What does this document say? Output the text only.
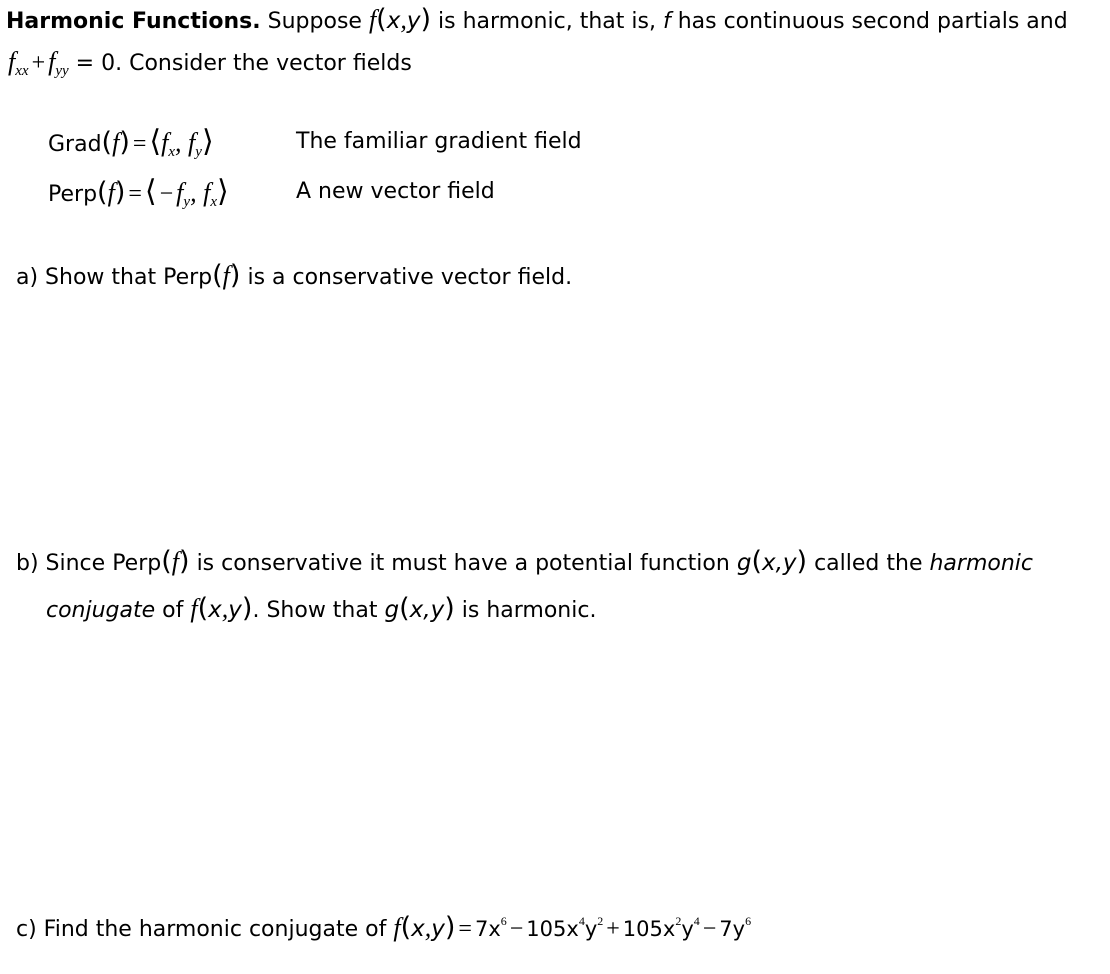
Harmonic Functions. Suppose f(x,y) is harmonic, that is, f has continuous second partials and
$f_{xx} + f_{yy} = 0$. Consider the vector fields
Grad(f) = $⟨f_x$, $f_y⟩$	The familiar gradient field
Perp(f) = ⟨ − $f_y$, $f_x⟩$	A new vector field
a) Show that Perp(f) is a conservative vector field.
b) Since Perp(f) is conservative it must have a potential function g(x,y) called the harmonic
conjugate of f(x,y). Show that g(x,y) is harmonic.
c) Find the harmonic conjugate of $f(x,y) = 7x^6 - 105x^4y^2 + 105x^2y^4 - 7y^6$
